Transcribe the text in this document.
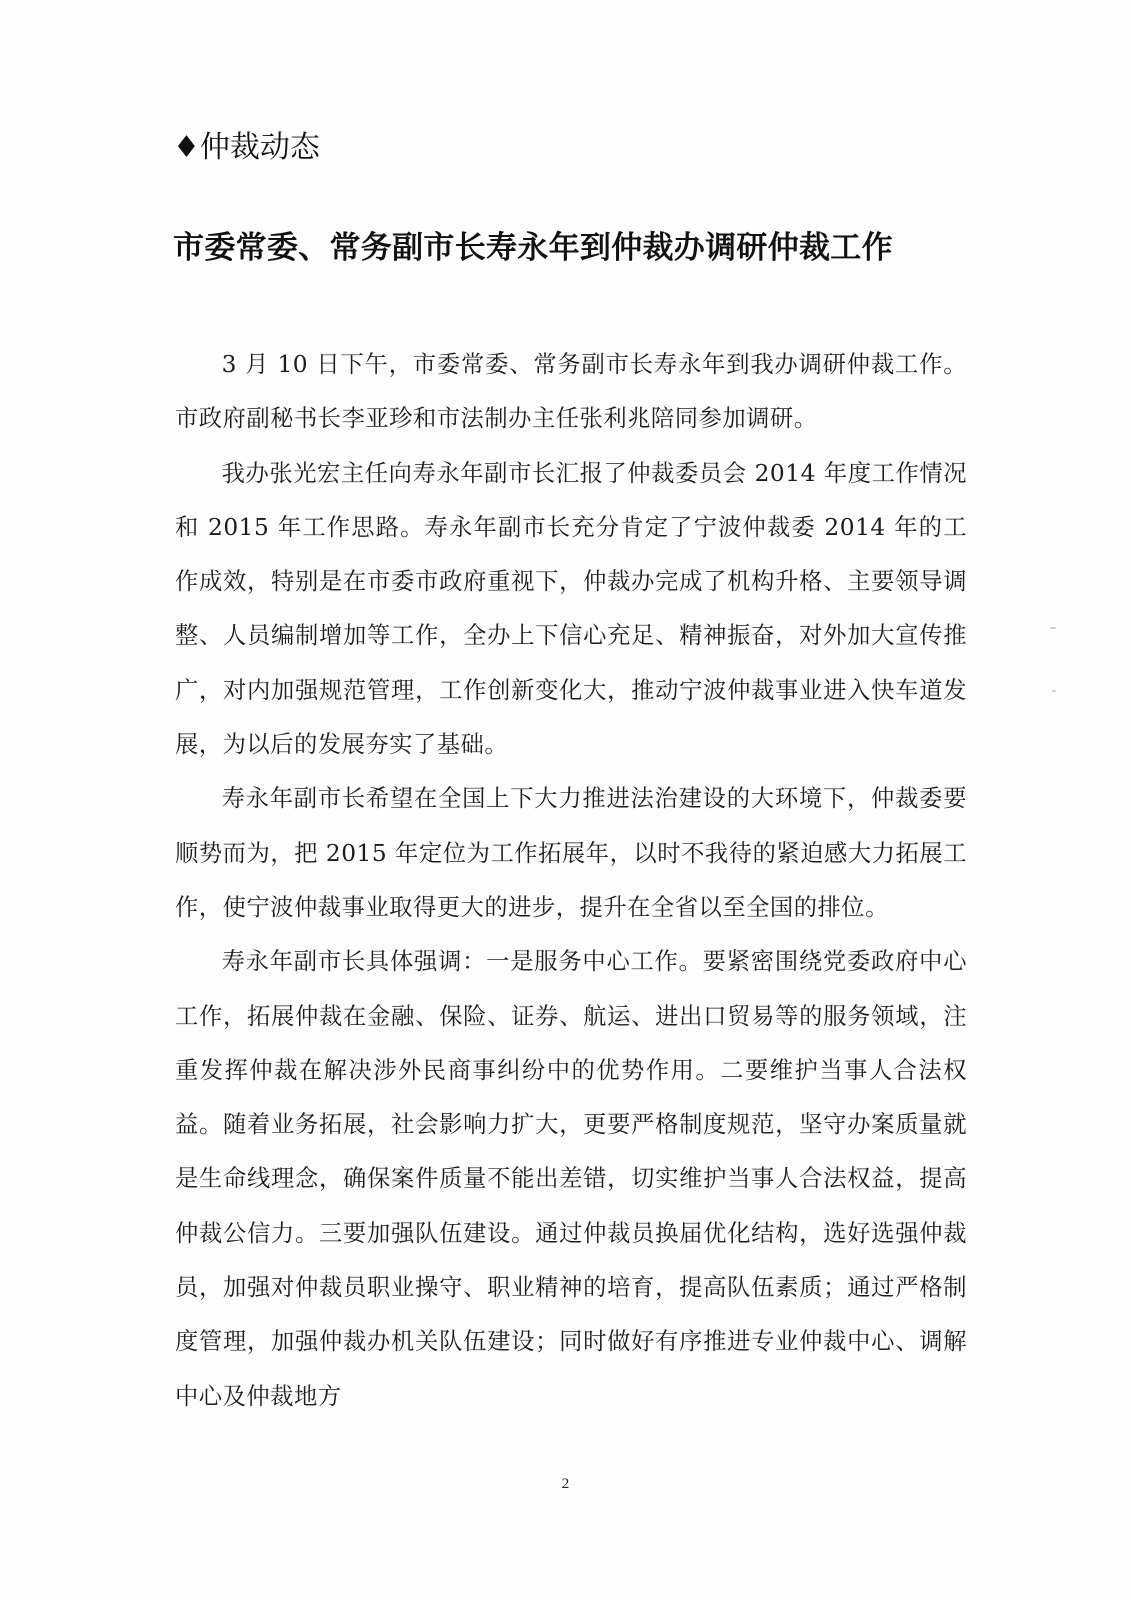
♦仲裁动态
市委常委、常务副市长寿永年到仲裁办调研仲裁工作

3 月 10 日下午，市委常委、常务副市长寿永年到我办调研仲裁工作。市政府副秘书长李亚珍和市法制办主任张利兆陪同参加调研。

我办张光宏主任向寿永年副市长汇报了仲裁委员会 2014 年度工作情况和 2015 年工作思路。寿永年副市长充分肯定了宁波仲裁委 2014 年的工作成效，特别是在市委市政府重视下，仲裁办完成了机构升格、主要领导调整、人员编制增加等工作，全办上下信心充足、精神振奋，对外加大宣传推广，对内加强规范管理，工作创新变化大，推动宁波仲裁事业进入快车道发展，为以后的发展夯实了基础。

寿永年副市长希望在全国上下大力推进法治建设的大环境下，仲裁委要顺势而为，把 2015 年定位为工作拓展年，以时不我待的紧迫感大力拓展工作，使宁波仲裁事业取得更大的进步，提升在全省以至全国的排位。

寿永年副市长具体强调：一是服务中心工作。要紧密围绕党委政府中心工作，拓展仲裁在金融、保险、证券、航运、进出口贸易等的服务领域，注重发挥仲裁在解决涉外民商事纠纷中的优势作用。二要维护当事人合法权益。随着业务拓展，社会影响力扩大，更要严格制度规范，坚守办案质量就是生命线理念，确保案件质量不能出差错，切实维护当事人合法权益，提高仲裁公信力。三要加强队伍建设。通过仲裁员换届优化结构，选好选强仲裁员，加强对仲裁员职业操守、职业精神的培育，提高队伍素质；通过严格制度管理，加强仲裁办机关队伍建设；同时做好有序推进专业仲裁中心、调解中心及仲裁地方

2
